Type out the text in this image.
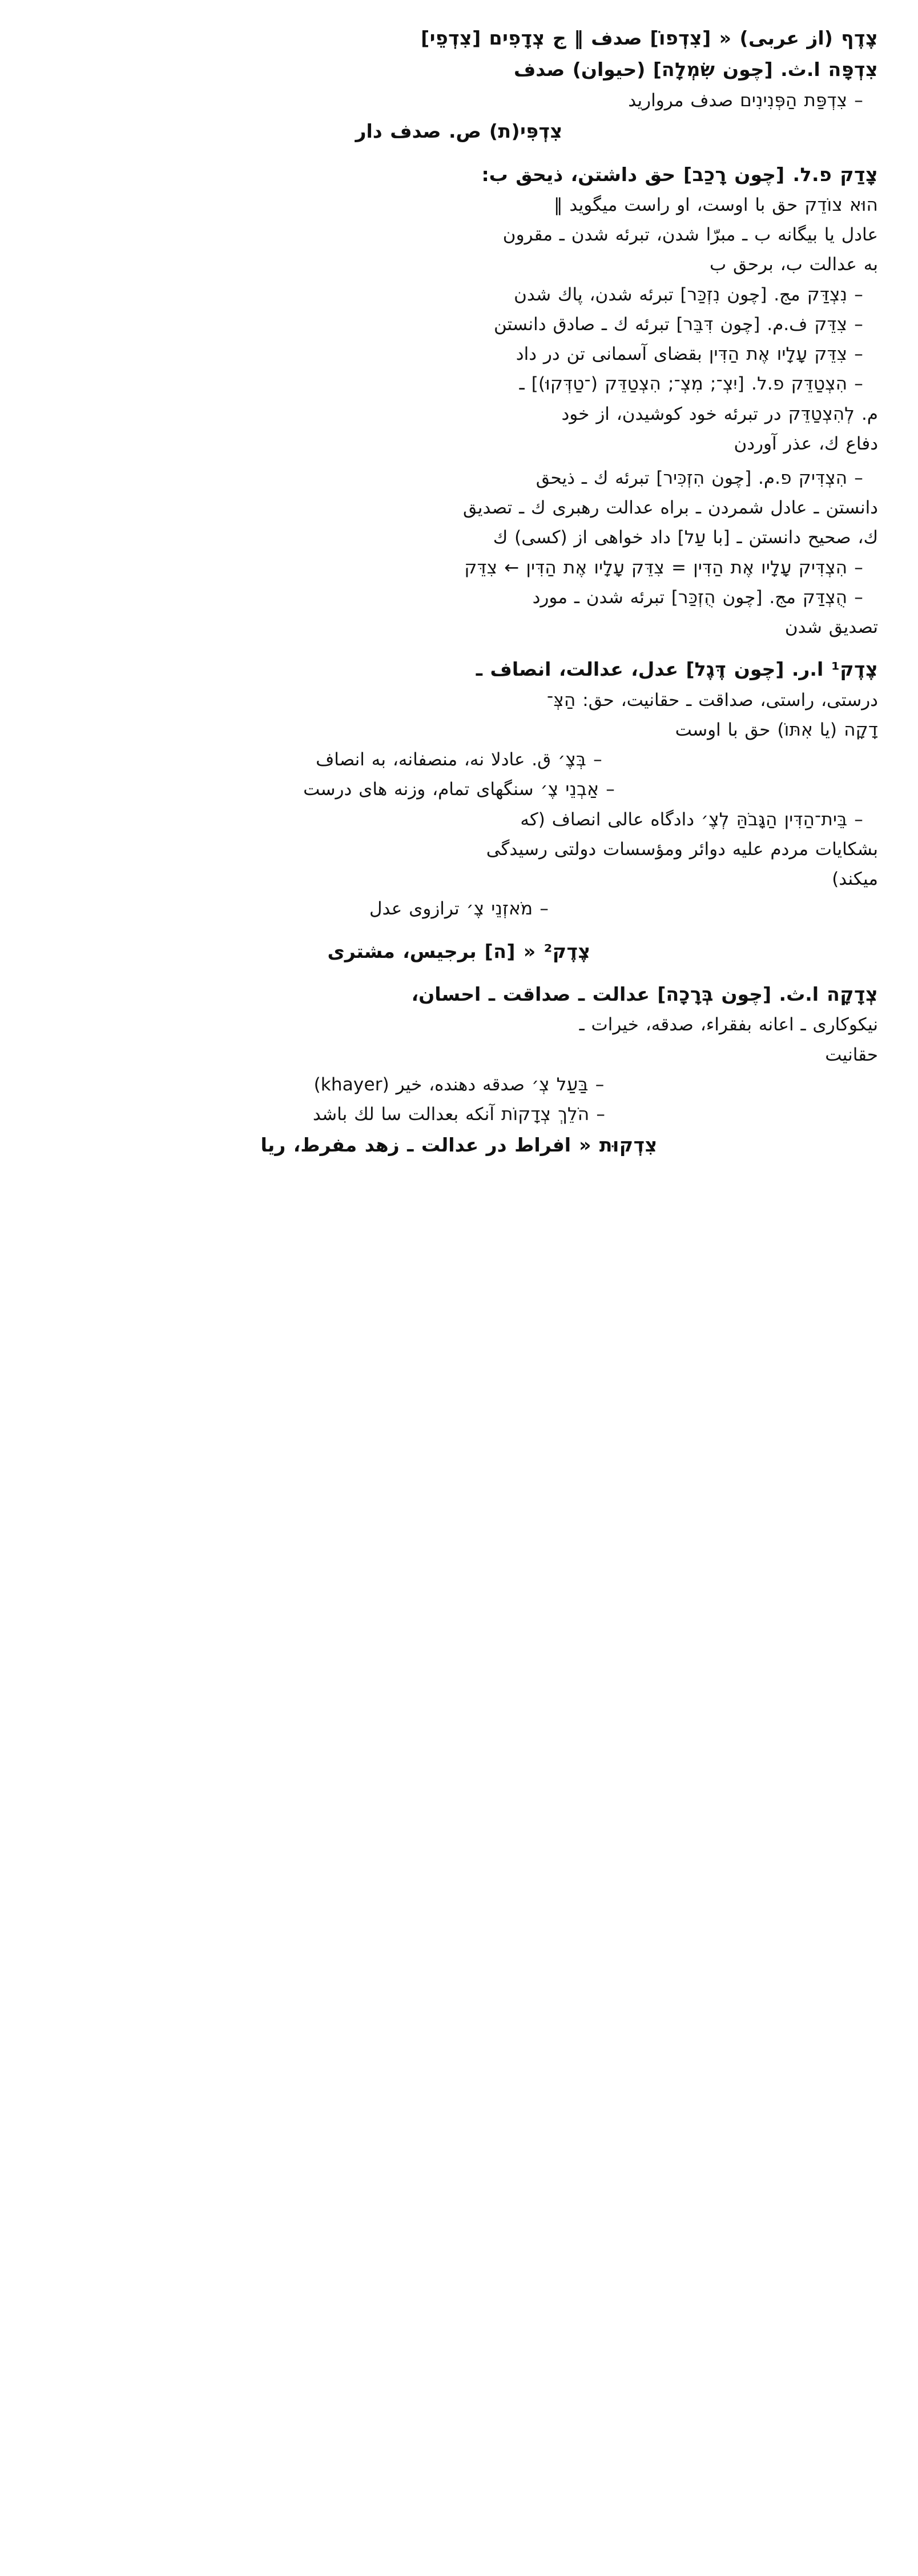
צֶדֶף (از عربی) « [צִדְפוֹ] صدف ‖ ج צְדָפִים [צִדְפֵי]

צִדְפָּה ا.ث. [چون שִׂמְלָה] (حیوان) صدف

– צִדְפַּת הַפְּנִינִים صدف مروارید

צִדְפִּי(ת) ص. صدف دار

צָדַק פ.ל. [چون רָכַב] حق داشتن، ذیحق ب:

הוּא צוֹדֵק حق با اوست، او راست میگوید ‖

عادل یا بیگانه ب ـ مبرّا شدن، تبرئه شدن ـ مقرون

به عدالت ب، برحق ب

– נִצְדַּק مج. [چون נִזְכַּר] تبرئه شدن، پاك شدن

– צִדֵּק ف.م. [چون דִּבֵּר] تبرئه ك ـ صادق دانستن

– צִדֵּק עָלָיו אֶת הַדִּין بقضای آسمانی تن در داد

– הִצְטַדֵּק פ.ל. [יִצְ־; מִצְ־; הִצְטַדֵּק (־טַדְּקוּ)] ـ

م. לְהִצְטַדֵּק در تبرئه خود كوشیدن، از خود

دفاع ك، عذر آوردن

– הִצְדִּיק פ.م. [چون הִזְכִּיר] تبرئه ك ـ ذیحق

دانستن ـ عادل شمردن ـ براه عدالت رهبری ك ـ تصدیق

ك، صحیح دانستن ـ [با עַל] داد خواهی از (كسی) ك

– הִצְדִּיק עָלָיו אֶת הַדִּין = צִדֵּק עָלָיו אֶת הַדִּין ← צִדֵּק

– הֻצְדַּק مج. [چون הֻזְכַּר] تبرئه شدن ـ مورد

تصدیق شدن

צֶדֶק¹ ا.ر. [چون דֶּגֶל] عدل، عدالت، انصاف ـ

درستی، راستی، صداقت ـ حقانیت، حق: הַצְּ־

דָקָה (یا אִתּוֹ) حق با اوست

– בְּצֶ׳ ق. عادلا نه، منصفانه، به انصاف

– אַבְנֵי צֶ׳ سنگهای تمام، وزنه های درست

– בֵּית־הַדִּין הַגָּבֹהַּ לְצֶ׳ دادگاه عالی انصاف (كه

بشكایات مردم علیه دوائر ومؤسسات دولتی رسیدگی

میكند)

– מֹאזְנֵי צֶ׳ ترازوی عدل

צֶדֶק² « [ה] برجیس، مشتری

צְדָקָה ا.ث. [چون בְּרָכָה] عدالت ـ صداقت ـ احسان،

نیكوكاری ـ اعانه بفقراء، صدقه، خیرات ـ

حقانیت

– בַּעַל צְ׳ صدقه دهنده، خیر (khayer)

– הֹלֵךְ צְדָקוֹת آنكه بعدالت سا لك باشد

צִדְקוּת « افراط در عدالت ـ زهد مفرط، ریا
